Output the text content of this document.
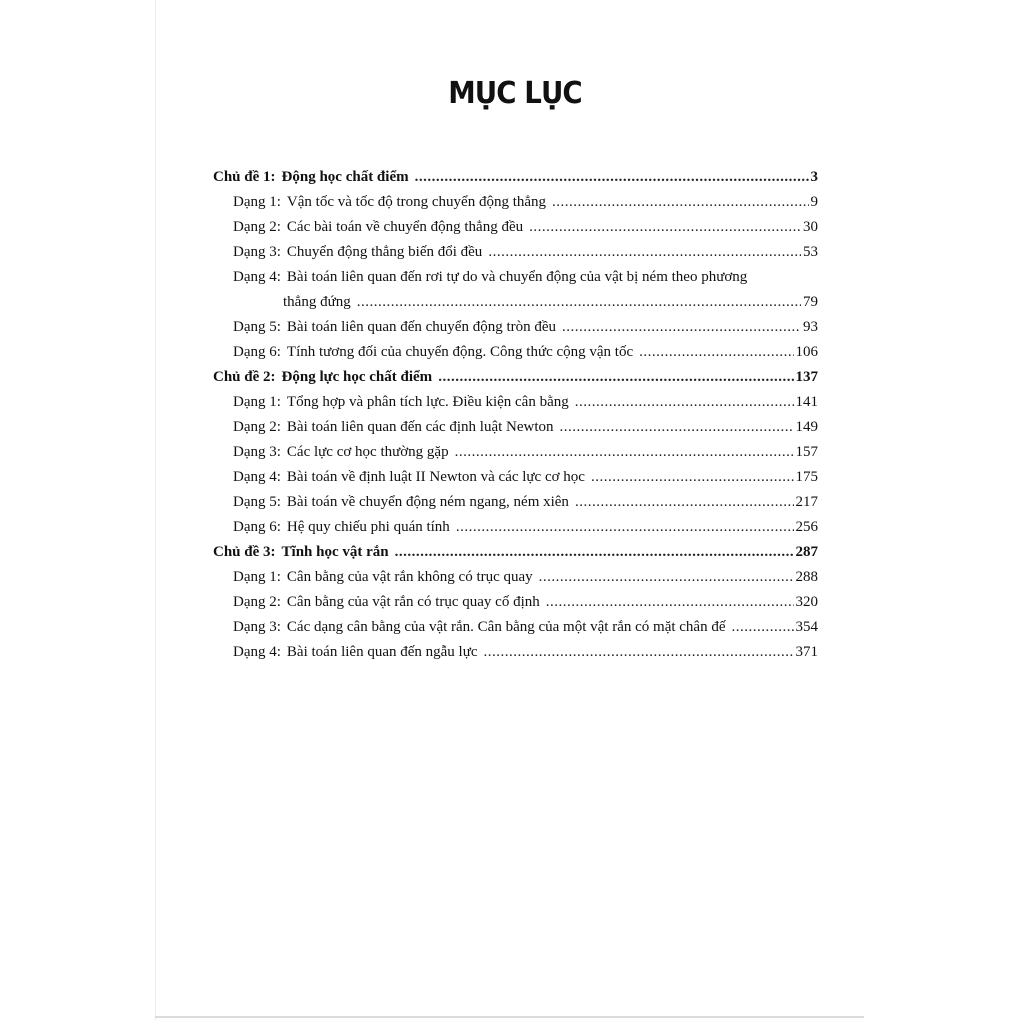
MỤC LỤC
Chủ đề 1: Động học chất điểm .....	3
Dạng 1: Vận tốc và tốc độ trong chuyển động thẳng .....	9
Dạng 2: Các bài toán về chuyển động thẳng đều .....	30
Dạng 3: Chuyển động thẳng biến đổi đều .....	53
Dạng 4: Bài toán liên quan đến rơi tự do và chuyển động của vật bị ném theo phương
thẳng đứng .....	79
Dạng 5: Bài toán liên quan đến chuyển động tròn đều .....	93
Dạng 6: Tính tương đối của chuyển động. Công thức cộng vận tốc .....	106
Chủ đề 2: Động lực học chất điểm .....	137
Dạng 1: Tổng hợp và phân tích lực. Điều kiện cân bằng .....	141
Dạng 2: Bài toán liên quan đến các định luật Newton .....	149
Dạng 3: Các lực cơ học thường gặp .....	157
Dạng 4: Bài toán về định luật II Newton và các lực cơ học .....	175
Dạng 5: Bài toán về chuyển động ném ngang, ném xiên .....	217
Dạng 6: Hệ quy chiếu phi quán tính .....	256
Chủ đề 3: Tĩnh học vật rắn .....	287
Dạng 1: Cân bằng của vật rắn không có trục quay .....	288
Dạng 2: Cân bằng của vật rắn có trục quay cố định .....	320
Dạng 3: Các dạng cân bằng của vật rắn. Cân bằng của một vật rắn có mặt chân đế .....	354
Dạng 4: Bài toán liên quan đến ngẫu lực .....	371
